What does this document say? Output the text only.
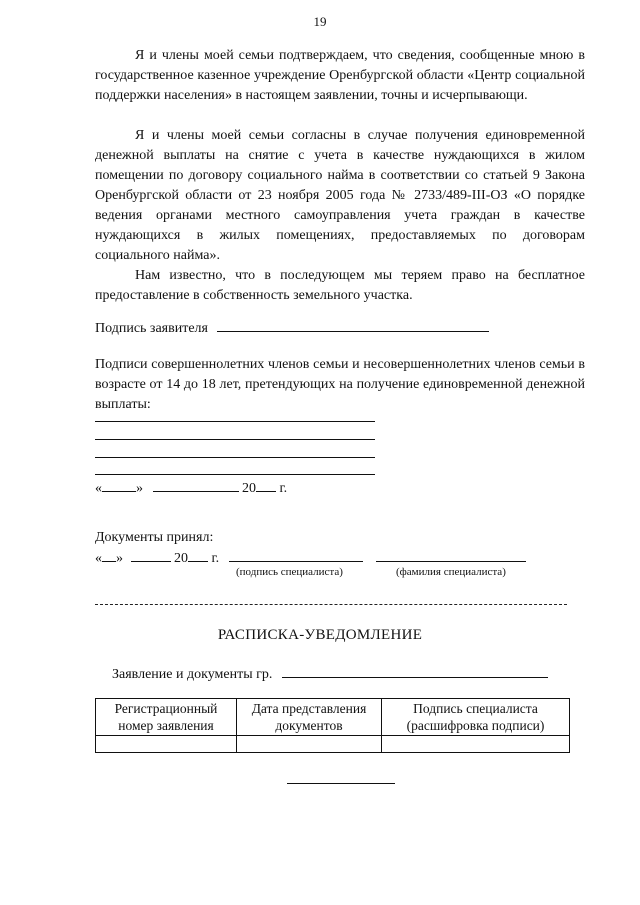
19

Я и члены моей семьи подтверждаем, что сведения, сообщенные мною в государственное казенное учреждение Оренбургской области «Центр социальной поддержки населения» в настоящем заявлении, точны и исчерпывающи.

Я и члены моей семьи согласны в случае получения единовременной денежной выплаты на снятие с учета в качестве нуждающихся в жилом помещении по договору социального найма в соответствии со статьей 9 Закона Оренбургской области от 23 ноября 2005 года № 2733/489-III-ОЗ «О порядке ведения органами местного самоуправления учета граждан в качестве нуждающихся в жилых помещениях, предоставляемых по договорам социального найма».

Нам известно, что в последующем мы теряем право на бесплатное предоставление в собственность земельного участка.

Подпись заявителя

Подписи совершеннолетних членов семьи и несовершеннолетних членов семьи в возрасте от 14 до 18 лет, претендующих на получение единовременной денежной выплаты:

« »	20 г.
Документы принял:
« »	20 г.
(подпись специалиста)	(фамилия специалиста)
РАСПИСКА-УВЕДОМЛЕНИЕ
Заявление и документы гр.
Регистрационный номер заявления	Дата представления документов	Подпись специалиста (расшифровка подписи)
